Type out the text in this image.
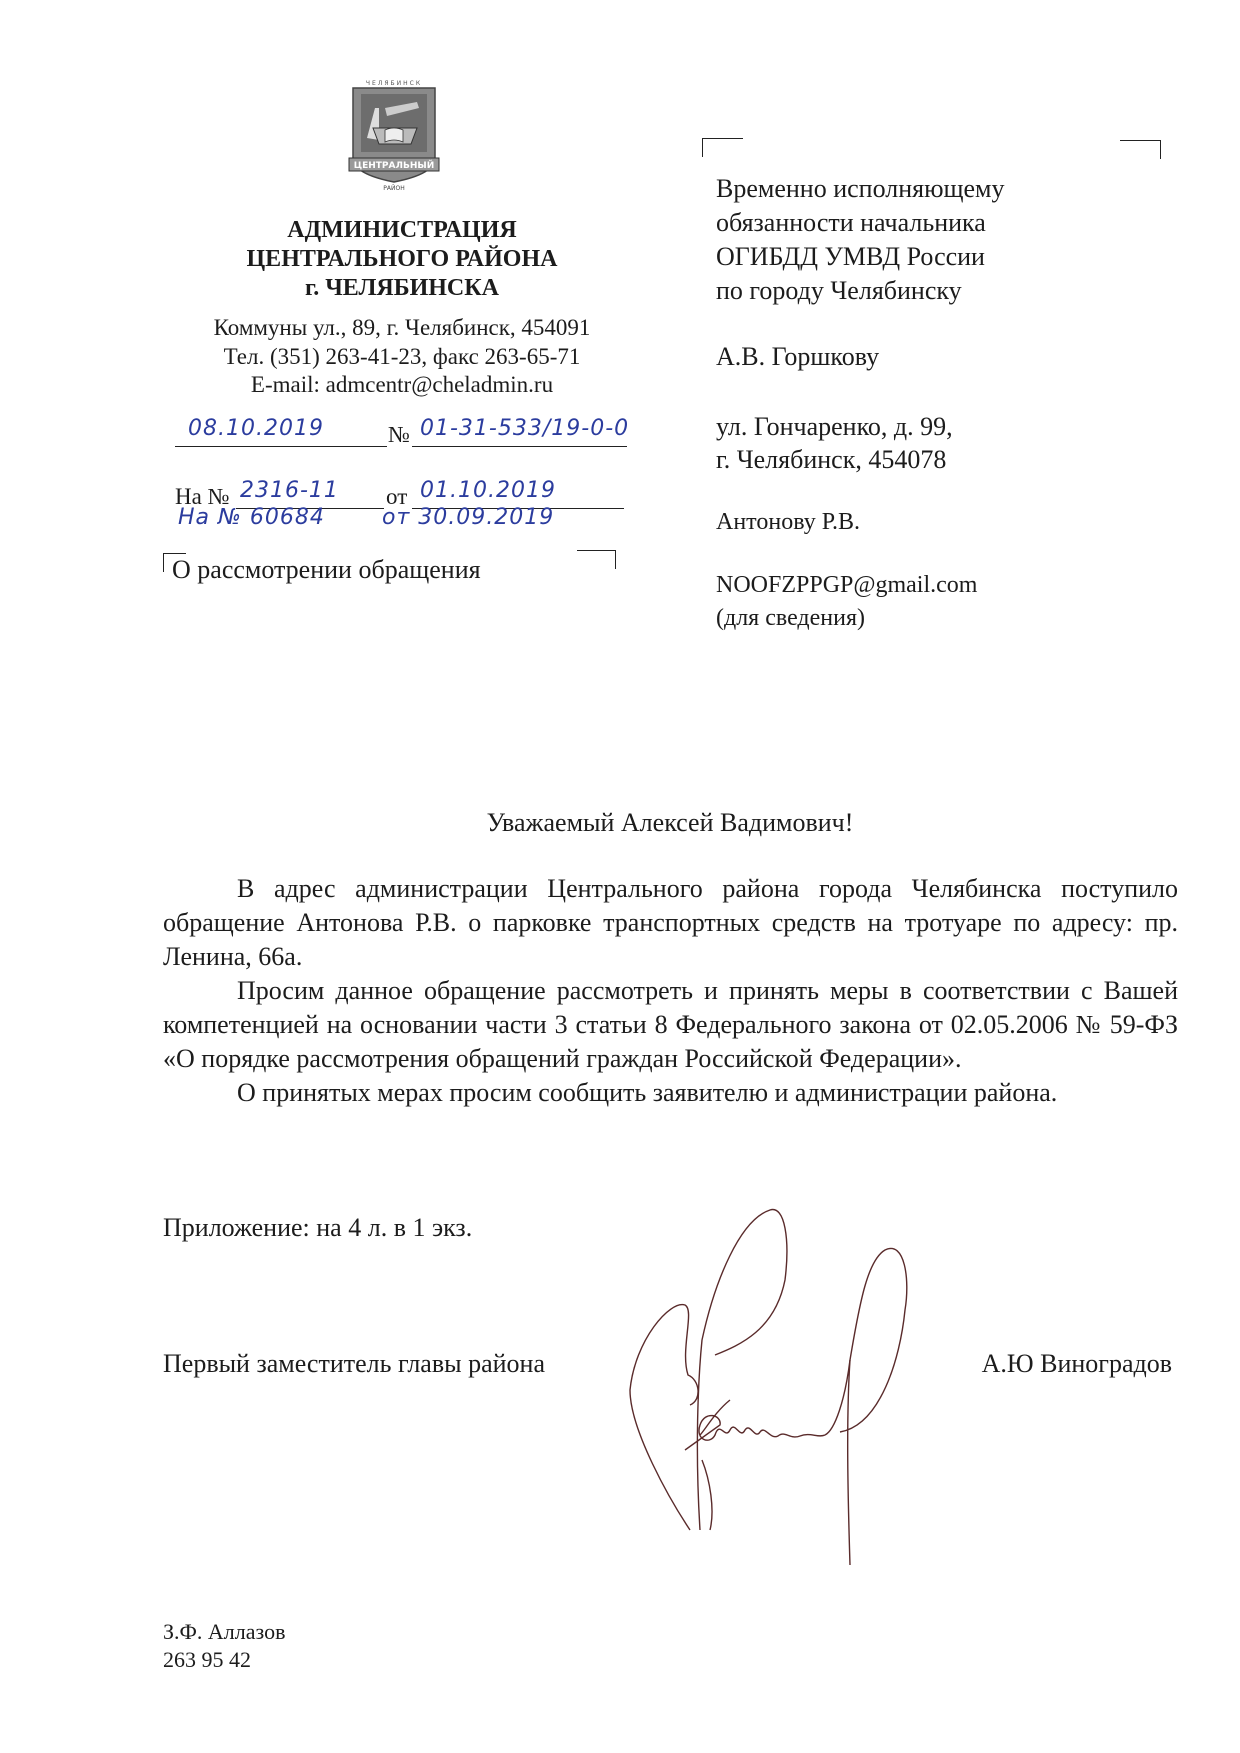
ЧЕЛЯБИНСК
ЦЕНТРАЛЬНЫЙ
РАЙОН
АДМИНИСТРАЦИЯ
ЦЕНТРАЛЬНОГО РАЙОНА
г. ЧЕЛЯБИНСКА
Коммуны ул., 89, г. Челябинск, 454091
Тел. (351) 263-41-23, факс 263-65-71
E-mail: admcentr@cheladmin.ru
08.10.2019	№ 01-31-533/19-0-0
На № 2316-11 от 01.10.2019
На № 60684	от 30.09.2019
О рассмотрении обращения
Временно исполняющему
обязанности начальника
ОГИБДД УМВД России
по городу Челябинску
А.В. Горшкову
ул. Гончаренко, д. 99,
г. Челябинск, 454078
Антонову Р.В.
NOOFZPPGP@gmail.com
(для сведения)
Уважаемый Алексей Вадимович!

В адрес администрации Центрального района города Челябинска поступило обращение Антонова Р.В. о парковке транспортных средств на тротуаре по адресу: пр. Ленина, 66а.

Просим данное обращение рассмотреть и принять меры в соответствии с Вашей компетенцией на основании части 3 статьи 8 Федерального закона от 02.05.2006 № 59-ФЗ «О порядке рассмотрения обращений граждан Российской Федерации».

О принятых мерах просим сообщить заявителю и администрации района.

Приложение: на 4 л. в 1 экз.
Первый заместитель главы района	А.Ю Виноградов
З.Ф. Аллазов
263 95 42
